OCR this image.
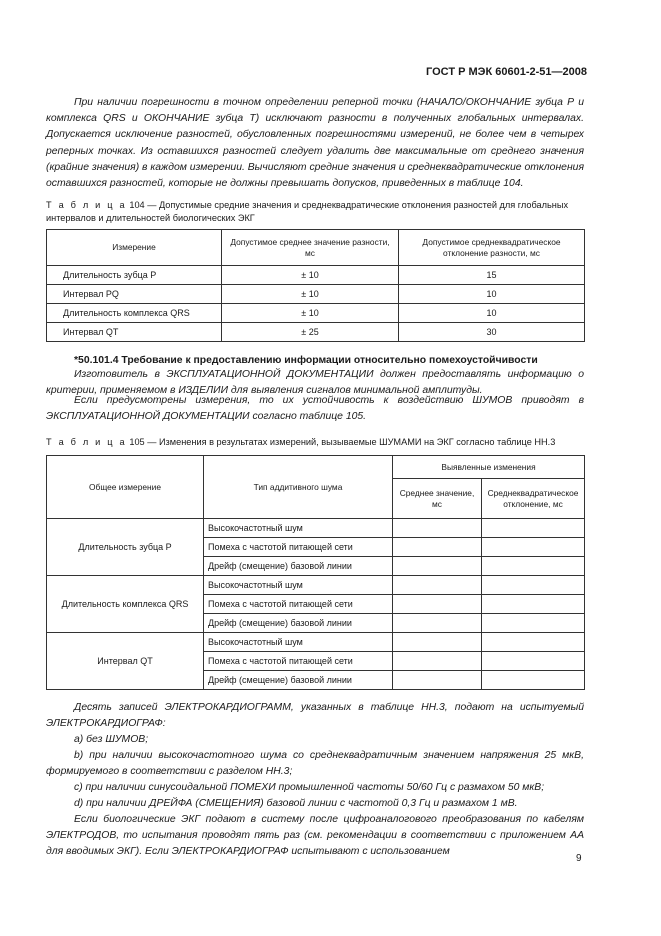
ГОСТ Р МЭК 60601-2-51—2008

При наличии погрешности в точном определении реперной точки (НАЧАЛО/ОКОНЧАНИЕ зубца Р и комплекса QRS и ОКОНЧАНИЕ зубца Т) исключают разности в полученных глобальных интервалах. Допускается исключение разностей, обусловленных погрешностями измерений, не более чем в четырех реперных точках. Из оставшихся разностей следует удалить две максимальные от среднего значения (крайние значения) в каждом измерении. Вычисляют средние значения и среднеквадратические отклонения оставшихся разностей, которые не должны превышать допусков, приведенных в таблице 104.

Т а б л и ц а 104 — Допустимые средние значения и среднеквадратические отклонения разностей для глобальных интервалов и длительностей биологических ЭКГ

Измерение	Допустимое среднее значение разности, мс	Допустимое среднеквадратическое отклонение разности, мс
Длительность зубца Р	± 10	15
Интервал PQ	± 10	10
Длительность комплекса QRS	± 10	10
Интервал QT	± 25	30
*50.101.4 Требование к предоставлению информации относительно помехоустойчивости

Изготовитель в ЭКСПЛУАТАЦИОННОЙ ДОКУМЕНТАЦИИ должен предоставлять информацию о критерии, применяемом в ИЗДЕЛИИ для выявления сигналов минимальной амплитуды.

Если предусмотрены измерения, то их устойчивость к воздействию ШУМОВ приводят в ЭКСПЛУАТАЦИОННОЙ ДОКУМЕНТАЦИИ согласно таблице 105.

Т а б л и ц а 105 — Изменения в результатах измерений, вызываемые ШУМАМИ на ЭКГ согласно таблице НН.3

Общее измерение	Тип аддитивного шума	Выявленные изменения	
		Среднее значение, мс	Среднеквадратическое отклонение, мс
Длительность зубца Р	Высокочастотный шум		
	Помеха с частотой питающей сети		
	Дрейф (смещение) базовой линии		
Длительность комплекса QRS	Высокочастотный шум		
	Помеха с частотой питающей сети		
	Дрейф (смещение) базовой линии		
Интервал QT	Высокочастотный шум		
	Помеха с частотой питающей сети		
	Дрейф (смещение) базовой линии		

Десять записей ЭЛЕКТРОКАРДИОГРАММ, указанных в таблице НН.3, подают на испытуемый ЭЛЕКТРОКАРДИОГРАФ:

a) без ШУМОВ;

b) при наличии высокочастотного шума со среднеквадратичным значением напряжения 25 мкВ, формируемого в соответствии с разделом НН.3;

c) при наличии синусоидальной ПОМЕХИ промышленной частоты 50/60 Гц с размахом 50 мкВ;

d) при наличии ДРЕЙФА (СМЕЩЕНИЯ) базовой линии с частотой 0,3 Гц и размахом 1 мВ.

Если биологические ЭКГ подают в систему после цифроаналогового преобразования по кабелям ЭЛЕКТРОДОВ, то испытания проводят пять раз (см. рекомендации в соответствии с приложением АА для вводимых ЭКГ). Если ЭЛЕКТРОКАРДИОГРАФ испытывают с использованием

9
